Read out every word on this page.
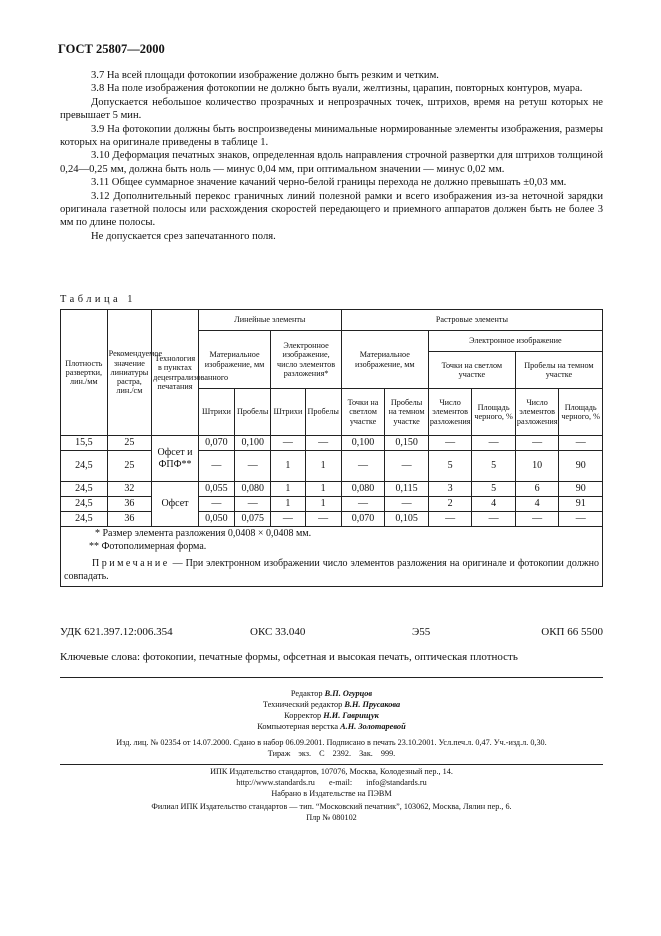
ГОСТ 25807—2000

3.7 На всей площади фотокопии изображение должно быть резким и четким.

3.8 На поле изображения фотокопии не должно быть вуали, желтизны, царапин, повторных контуров, муара.

Допускается небольшое количество прозрачных и непрозрачных точек, штрихов, время на ретуш которых не превышает 5 мин.

3.9 На фотокопии должны быть воспроизведены минимальные нормированные элементы изображения, размеры которых на оригинале приведены в таблице 1.

3.10 Деформация печатных знаков, определенная вдоль направления строчной развертки для штрихов толщиной 0,24—0,25 мм, должна быть ноль — минус 0,04 мм, при оптимальном значении — минус 0,02 мм.

3.11 Общее суммарное значение качаний черно-белой границы перехода не должно превышать ±0,03 мм.

3.12 Дополнительный перекос граничных линий полезной рамки и всего изображения из-за неточной зарядки оригинала газетной полосы или расхождения скоростей передающего и приемного аппаратов должен быть не более 3 мм по длине полосы.

Не допускается срез запечатанного поля.

Таблица 1
Плотность развертки, лин./мм	Рекомендуемое значение линиатуры растра, лин./см	Технология в пунктах децентрализованного печатания	Линейные элементы				Растровые элементы					
			Материальное изображение, мм		Электронное изображение, число элементов разложения*		Материальное изображение, мм		Электронное изображение			
									Точки на светлом участке		Пробелы на темном участке	
			Штрихи	Пробелы	Штрихи	Пробелы	Точки на светлом участке	Пробелы на темном участке	Число элементов разложения	Площадь черного, %	Число элементов разложения	Площадь черного, %
15,5	25	Офсет и ФПФ**	0,070	0,100	—	—	0,100	0,150	—	—	—	—
24,5	25		—	—	1	1	—	—	5	5	10	90
24,5	32	Офсет	0,055	0,080	1	1	0,080	0,115	3	5	6	90
24,5	36		—	—	1	1	—	—	2	4	4	91
24,5	36		0,050	0,075	—	—	0,070	0,105	—	—	—	—

* Размер элемента разложения 0,0408 × 0,0408 мм.
** Фотополимерная форма.
Примечание — При электронном изображении число элементов разложения на оригинале и фотокопии должно совпадать.												
УДК 621.397.12:006.354	ОКС 33.040	Э55	ОКП 66 5500
Ключевые слова: фотокопии, печатные формы, офсетная и высокая печать, оптическая плотность
Редактор В.П. Огурцов
Технический редактор В.Н. Прусакова
Корректор Н.И. Гаврищук
Компьютерная верстка А.Н. Золотаревой
Изд. лиц. № 02354 от 14.07.2000. Сдано в набор 06.09.2001. Подписано в печать 23.10.2001. Усл.печ.л. 0,47. Уч.-изд.л. 0,30.
Тираж экз. С 2392. Зак. 999.
ИПК Издательство стандартов, 107076, Москва, Колодезный пер., 14.
http://www.standards.ru e-mail: info@standards.ru
Набрано в Издательстве на ПЭВМ
Филиал ИПК Издательство стандартов — тип. “Московский печатник”, 103062, Москва, Лялин пер., 6.
Плр № 080102
